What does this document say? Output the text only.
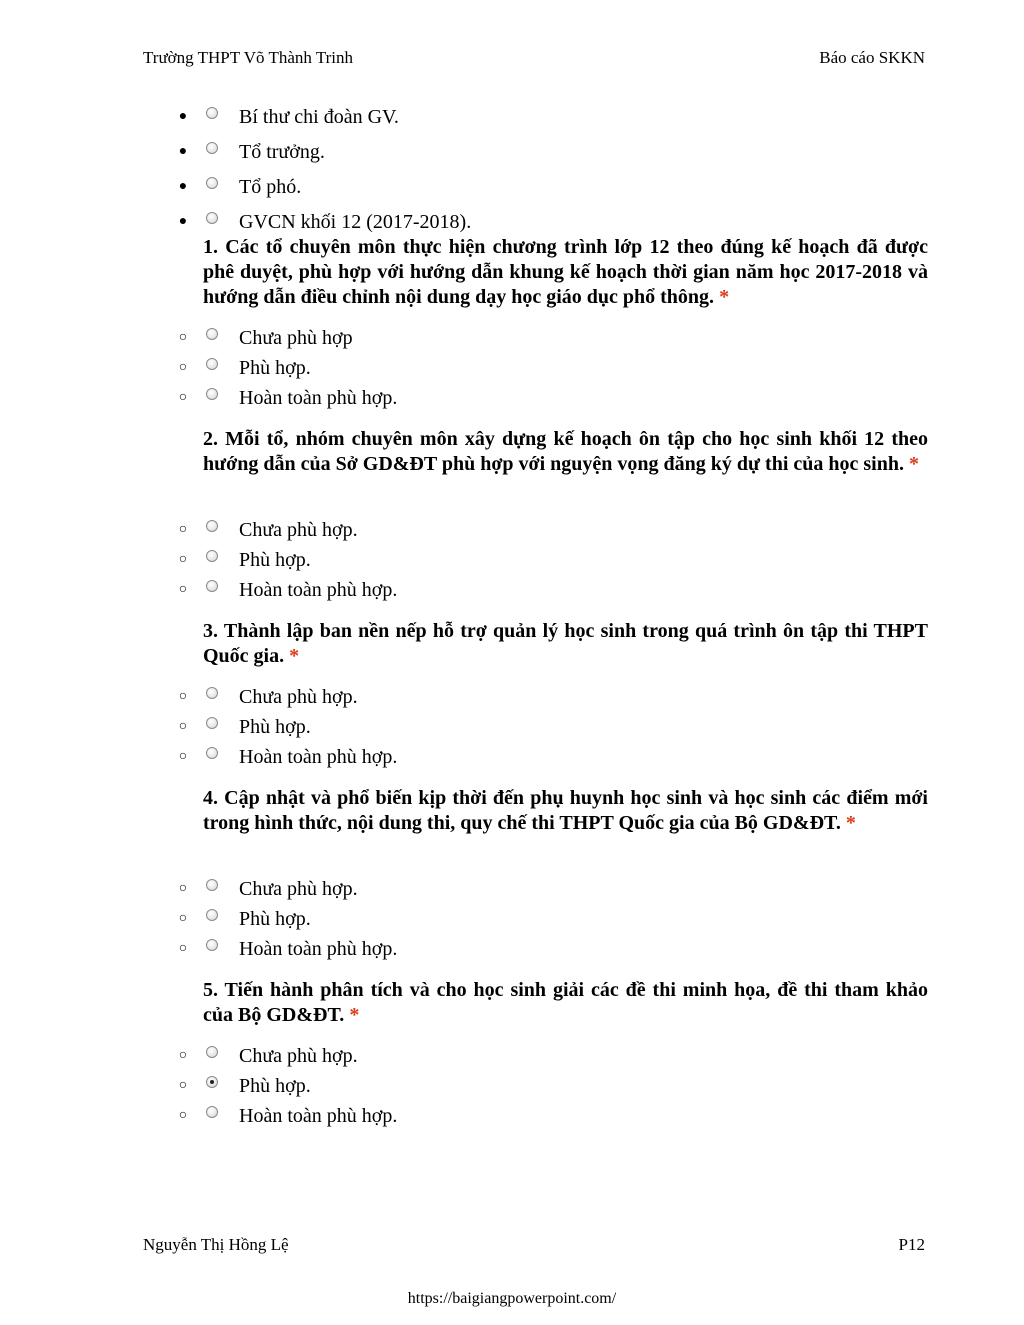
Trường THPT Võ Thành Trinh	Báo cáo SKKN
●	Bí thư chi đoàn GV.
●	Tổ trưởng.
●	Tổ phó.
●	GVCN khối 12 (2017-2018).
1. Các tổ chuyên môn thực hiện chương trình lớp 12 theo đúng kế hoạch đã được phê duyệt, phù hợp với hướng dẫn khung kế hoạch thời gian năm học 2017-2018 và hướng dẫn điều chỉnh nội dung dạy học giáo dục phổ thông. *
○	Chưa phù hợp
○	Phù hợp.
○	Hoàn toàn phù hợp.
2. Mỗi tổ, nhóm chuyên môn xây dựng kế hoạch ôn tập cho học sinh khối 12 theo hướng dẫn của Sở GD&ĐT phù hợp với nguyện vọng đăng ký dự thi của học sinh. *
○	Chưa phù hợp.
○	Phù hợp.
○	Hoàn toàn phù hợp.
3. Thành lập ban nền nếp hỗ trợ quản lý học sinh trong quá trình ôn tập thi THPT Quốc gia. *
○	Chưa phù hợp.
○	Phù hợp.
○	Hoàn toàn phù hợp.
4. Cập nhật và phổ biến kịp thời đến phụ huynh học sinh và học sinh các điểm mới trong hình thức, nội dung thi, quy chế thi THPT Quốc gia của Bộ GD&ĐT. *
○	Chưa phù hợp.
○	Phù hợp.
○	Hoàn toàn phù hợp.
5. Tiến hành phân tích và cho học sinh giải các đề thi minh họa, đề thi tham khảo của Bộ GD&ĐT. *
○	Chưa phù hợp.
○	Phù hợp.
○	Hoàn toàn phù hợp.
Nguyễn Thị Hồng Lệ	P12
https://baigiangpowerpoint.com/
